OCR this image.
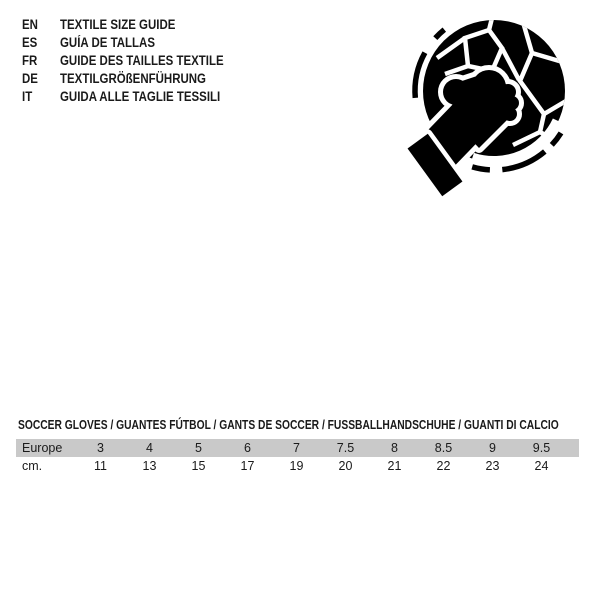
EN	TEXTILE SIZE GUIDE
ES	GUÍA DE TALLAS
FR	GUIDE DES TAILLES TEXTILE
DE	TEXTILGRÖßENFÜHRUNG
IT	GUIDA ALLE TAGLIE TESSILI
SOCCER GLOVES / GUANTES FÚTBOL / GANTS DE SOCCER / FUSSBALLHANDSCHUHE / GUANTI DI CALCIO
Europe	3	4	5	6	7	7.5	8	8.5	9	9.5	
cm.	11	13	15	17	19	20	21	22	23	24	
